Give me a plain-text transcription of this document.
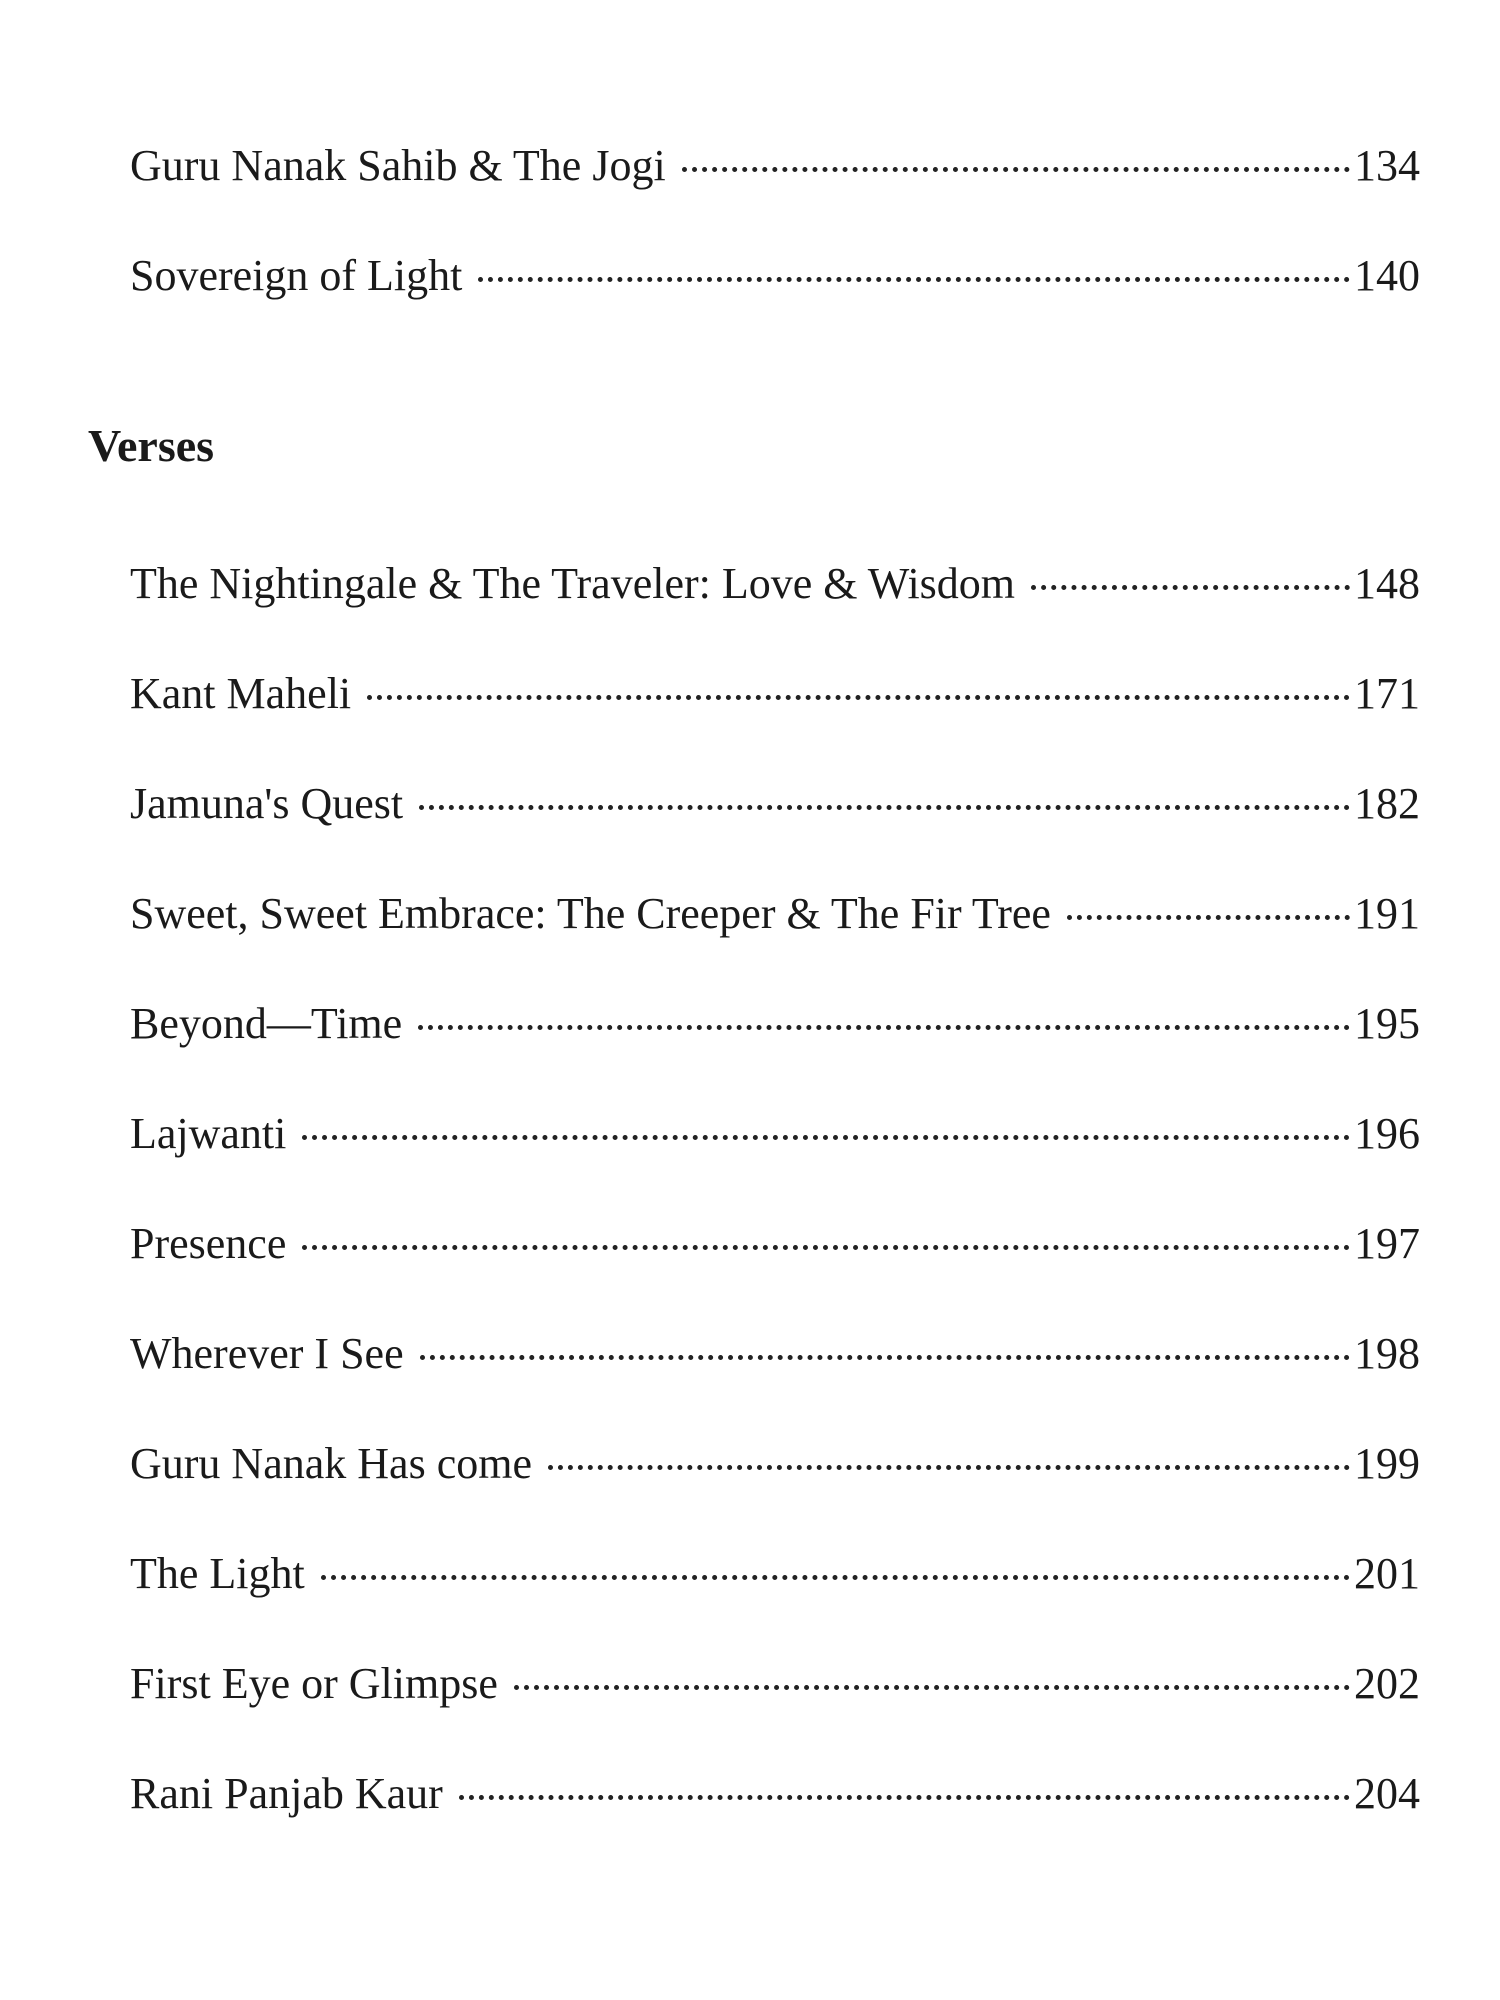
Guru Nanak Sahib & The Jogi	134
Sovereign of Light	140
Verses
The Nightingale & The Traveler: Love & Wisdom	148
Kant Maheli	171
Jamuna's Quest	182
Sweet, Sweet Embrace: The Creeper & The Fir Tree	191
Beyond—Time	195
Lajwanti	196
Presence	197
Wherever I See	198
Guru Nanak Has come	199
The Light	201
First Eye or Glimpse	202
Rani Panjab Kaur	204
